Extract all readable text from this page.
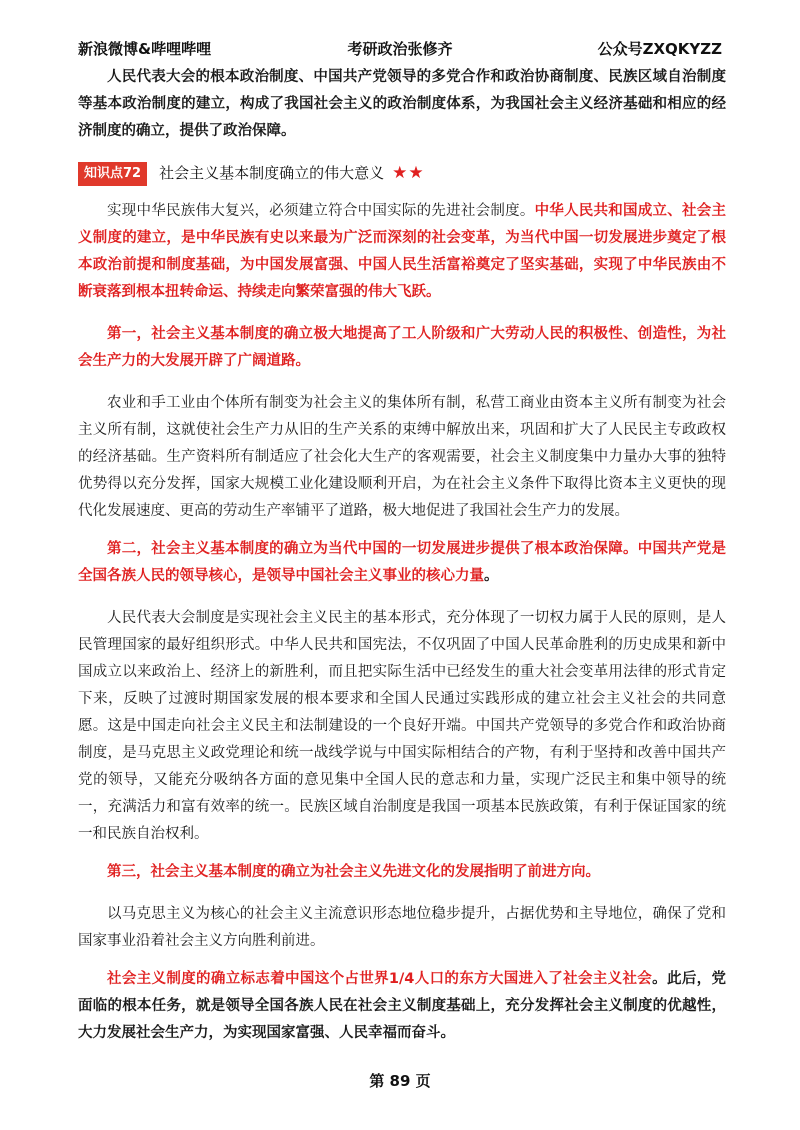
新浪微博&哔哩哔哩	考研政治张修齐	公众号ZXQKYZZ

人民代表大会的根本政治制度、中国共产党领导的多党合作和政治协商制度、民族区域自治制度等基本政治制度的建立，构成了我国社会主义的政治制度体系，为我国社会主义经济基础和相应的经济制度的确立，提供了政治保障。

知识点72	社会主义基本制度确立的伟大意义 ★★

实现中华民族伟大复兴，必须建立符合中国实际的先进社会制度。中华人民共和国成立、社会主义制度的建立，是中华民族有史以来最为广泛而深刻的社会变革，为当代中国一切发展进步奠定了根本政治前提和制度基础，为中国发展富强、中国人民生活富裕奠定了坚实基础，实现了中华民族由不断衰落到根本扭转命运、持续走向繁荣富强的伟大飞跃。

第一，社会主义基本制度的确立极大地提高了工人阶级和广大劳动人民的积极性、创造性，为社会生产力的大发展开辟了广阔道路。

农业和手工业由个体所有制变为社会主义的集体所有制，私营工商业由资本主义所有制变为社会主义所有制，这就使社会生产力从旧的生产关系的束缚中解放出来，巩固和扩大了人民民主专政政权的经济基础。生产资料所有制适应了社会化大生产的客观需要，社会主义制度集中力量办大事的独特优势得以充分发挥，国家大规模工业化建设顺利开启，为在社会主义条件下取得比资本主义更快的现代化发展速度、更高的劳动生产率铺平了道路，极大地促进了我国社会生产力的发展。

第二，社会主义基本制度的确立为当代中国的一切发展进步提供了根本政治保障。中国共产党是全国各族人民的领导核心，是领导中国社会主义事业的核心力量。

人民代表大会制度是实现社会主义民主的基本形式，充分体现了一切权力属于人民的原则，是人民管理国家的最好组织形式。中华人民共和国宪法，不仅巩固了中国人民革命胜利的历史成果和新中国成立以来政治上、经济上的新胜利，而且把实际生活中已经发生的重大社会变革用法律的形式肯定下来，反映了过渡时期国家发展的根本要求和全国人民通过实践形成的建立社会主义社会的共同意愿。这是中国走向社会主义民主和法制建设的一个良好开端。中国共产党领导的多党合作和政治协商制度，是马克思主义政党理论和统一战线学说与中国实际相结合的产物，有利于坚持和改善中国共产党的领导，又能充分吸纳各方面的意见集中全国人民的意志和力量，实现广泛民主和集中领导的统一，充满活力和富有效率的统一。民族区域自治制度是我国一项基本民族政策，有利于保证国家的统一和民族自治权利。

第三，社会主义基本制度的确立为社会主义先进文化的发展指明了前进方向。

以马克思主义为核心的社会主义主流意识形态地位稳步提升，占据优势和主导地位，确保了党和国家事业沿着社会主义方向胜利前进。

社会主义制度的确立标志着中国这个占世界1/4人口的东方大国进入了社会主义社会。此后，党面临的根本任务，就是领导全国各族人民在社会主义制度基础上，充分发挥社会主义制度的优越性，大力发展社会生产力，为实现国家富强、人民幸福而奋斗。

第 89 页
